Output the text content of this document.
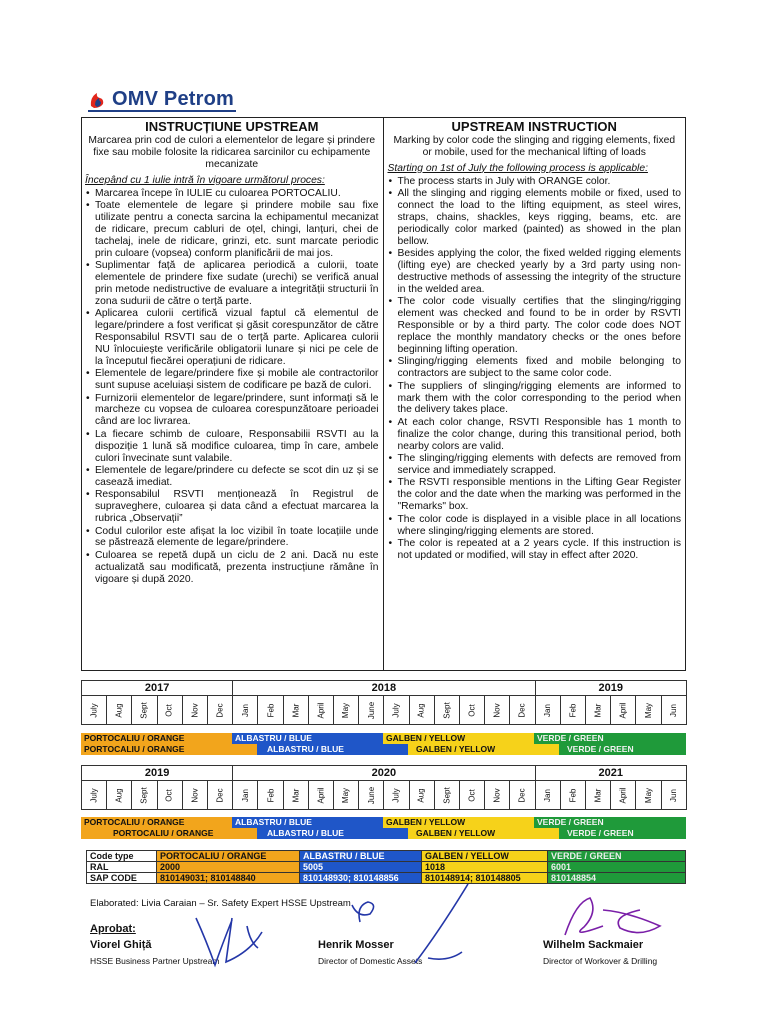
OMV Petrom
INSTRUCȚIUNE UPSTREAM
Marcarea prin cod de culori a elementelor de legare și prindere fixe sau mobile folosite la ridicarea sarcinilor cu echipamente mecanizate
Începând cu 1 iulie intră în vigoare următorul proces:
• Marcarea începe în IULIE cu culoarea PORTOCALIU.
• Toate elementele de legare și prindere mobile sau fixe utilizate pentru a conecta sarcina la echipamentul mecanizat de ridicare, precum cabluri de oțel, chingi, lanțuri, chei de tachelaj, inele de ridicare, grinzi, etc. sunt marcate periodic prin culoare (vopsea) conform planificării de mai jos.
• Suplimentar față de aplicarea periodică a culorii, toate elementele de prindere fixe sudate (urechi) se verifică anual prin metode nedistructive de evaluare a integrității structurii în zona sudurii de către o terță parte.
• Aplicarea culorii certifică vizual faptul că elementul de legare/prindere a fost verificat și găsit corespunzător de către Responsabilul RSVTI sau de o terță parte. Aplicarea culorii NU înlocuiește verificările obligatorii lunare și nici pe cele de la începutul fiecărei operațiuni de ridicare.
• Elementele de legare/prindere fixe și mobile ale contractorilor sunt supuse aceluiași sistem de codificare pe bază de culori.
• Furnizorii elementelor de legare/prindere, sunt informați să le marcheze cu vopsea de culoarea corespunzătoare perioadei când are loc livrarea.
• La fiecare schimb de culoare, Responsabilii RSVTI au la dispoziție 1 lună să modifice culoarea, timp în care, ambele culori învecinate sunt valabile.
• Elementele de legare/prindere cu defecte se scot din uz și se casează imediat.
• Responsabilul RSVTI menționează în Registrul de supraveghere, culoarea și data când a efectuat marcarea la rubrica „Observații”
• Codul culorilor este afișat la loc vizibil în toate locațiile unde se păstrează elemente de legare/prindere.
• Culoarea se repetă după un ciclu de 2 ani. Dacă nu este actualizată sau modificată, prezenta instrucțiune rămâne în vigoare și după 2020.
UPSTREAM INSTRUCTION
Marking by color code the slinging and rigging elements, fixed or mobile, used for the mechanical lifting of loads
Starting on 1st of July the following process is applicable:
• The process starts in July with ORANGE color.
• All the slinging and rigging elements mobile or fixed, used to connect the load to the lifting equipment, as steel wires, straps, chains, shackles, keys rigging, beams, etc. are periodically color marked (painted) as showed in the plan bellow.
• Besides applying the color, the fixed welded rigging elements (lifting eye) are checked yearly by a 3rd party using non-destructive methods of assessing the integrity of the structure in the welded area.
• The color code visually certifies that the slinging/rigging element was checked and found to be in order by RSVTI Responsible or by a third party. The color code does NOT replace the monthly mandatory checks or the ones before beginning lifting operation.
• Slinging/rigging elements fixed and mobile belonging to contractors are subject to the same color code.
• The suppliers of slinging/rigging elements are informed to mark them with the color corresponding to the period when the delivery takes place.
• At each color change, RSVTI Responsible has 1 month to finalize the color change, during this transitional period, both nearby colors are valid.
• The slinging/rigging elements with defects are removed from service and immediately scrapped.
• The RSVTI responsible mentions in the Lifting Gear Register the color and the date when the marking was performed in the "Remarks" box.
• The color code is displayed in a visible place in all locations where slinging/rigging elements are stored.
• The color is repeated at a 2 years cycle. If this instruction is not updated or modified, will stay in effect after 2020.
2017						2018												2019					
July	Aug	Sept	Oct	Nov	Dec	Jan	Feb	Mar	April	May	June	July	Aug	Sept	Oct	Nov	Dec	Jan	Feb	Mar	April	May	Jun
PORTOCALIU / ORANGE	ALBASTRU / BLUE	GALBEN / YELLOW	VERDE / GREEN
PORTOCALIU / ORANGE	ALBASTRU / BLUE	GALBEN / YELLOW	VERDE / GREEN
2019						2020												2021					
July	Aug	Sept	Oct	Nov	Dec	Jan	Feb	Mar	April	May	June	July	Aug	Sept	Oct	Nov	Dec	Jan	Feb	Mar	April	May	Jun
PORTOCALIU / ORANGE	ALBASTRU / BLUE	GALBEN / YELLOW	VERDE / GREEN
PORTOCALIU / ORANGE	ALBASTRU / BLUE	GALBEN / YELLOW	VERDE / GREEN
Code type	PORTOCALIU / ORANGE	ALBASTRU / BLUE	GALBEN / YELLOW	VERDE / GREEN
RAL	2000	5005	1018	6001
SAP CODE	810149031; 810148840	810148930; 810148856	810148914; 810148805	810148854
Elaborated: Livia Caraian – Sr. Safety Expert HSSE Upstream
Aprobat:
Viorel Ghiță
HSSE Business Partner Upstream
Henrik Mosser
Director of Domestic Assets
Wilhelm Sackmaier
Director of Workover & Drilling
